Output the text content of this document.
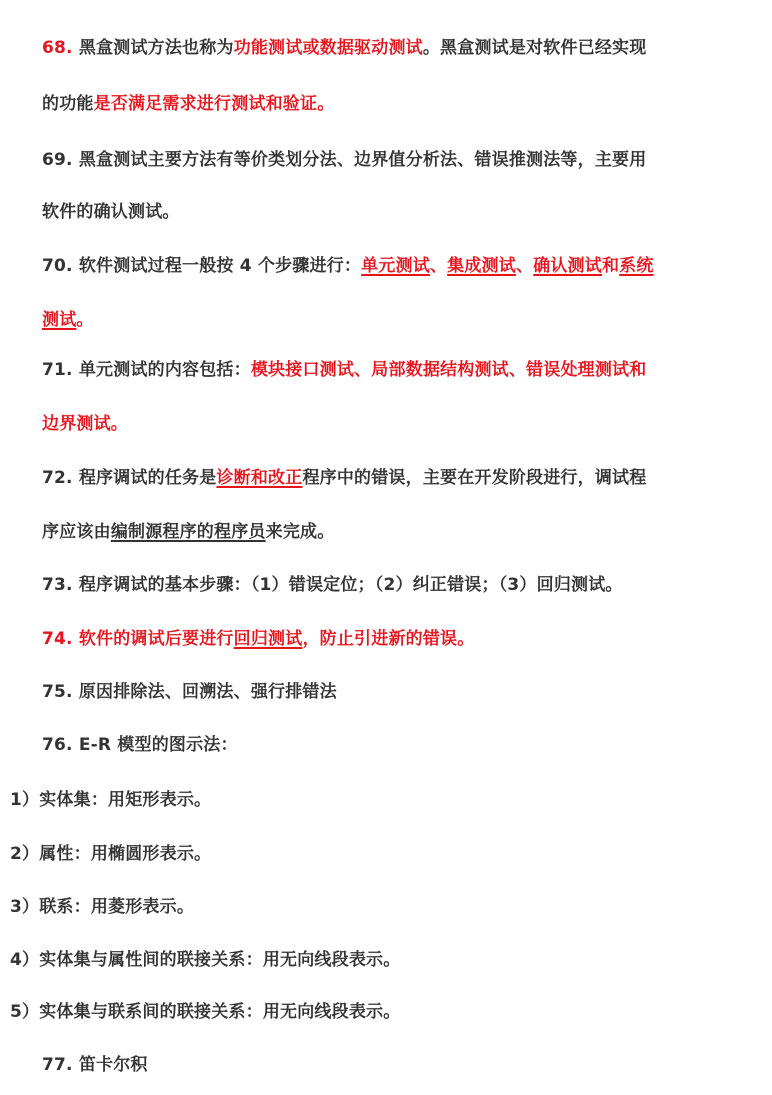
68. 黑盒测试方法也称为功能测试或数据驱动测试。黑盒测试是对软件已经实现
的功能是否满足需求进行测试和验证。
69. 黑盒测试主要方法有等价类划分法、边界值分析法、错误推测法等，主要用
软件的确认测试。
70. 软件测试过程一般按 4 个步骤进行：单元测试、集成测试、确认测试和系统
测试。
71. 单元测试的内容包括：模块接口测试、局部数据结构测试、错误处理测试和
边界测试。
72. 程序调试的任务是诊断和改正程序中的错误，主要在开发阶段进行，调试程
序应该由编制源程序的程序员来完成。
73. 程序调试的基本步骤：（1）错误定位；（2）纠正错误；（3）回归测试。
74. 软件的调试后要进行回归测试，防止引进新的错误。
75. 原因排除法、回溯法、强行排错法
76. E-R 模型的图示法：
1）实体集：用矩形表示。
2）属性：用椭圆形表示。
3）联系：用菱形表示。
4）实体集与属性间的联接关系：用无向线段表示。
5）实体集与联系间的联接关系：用无向线段表示。
77. 笛卡尔积
